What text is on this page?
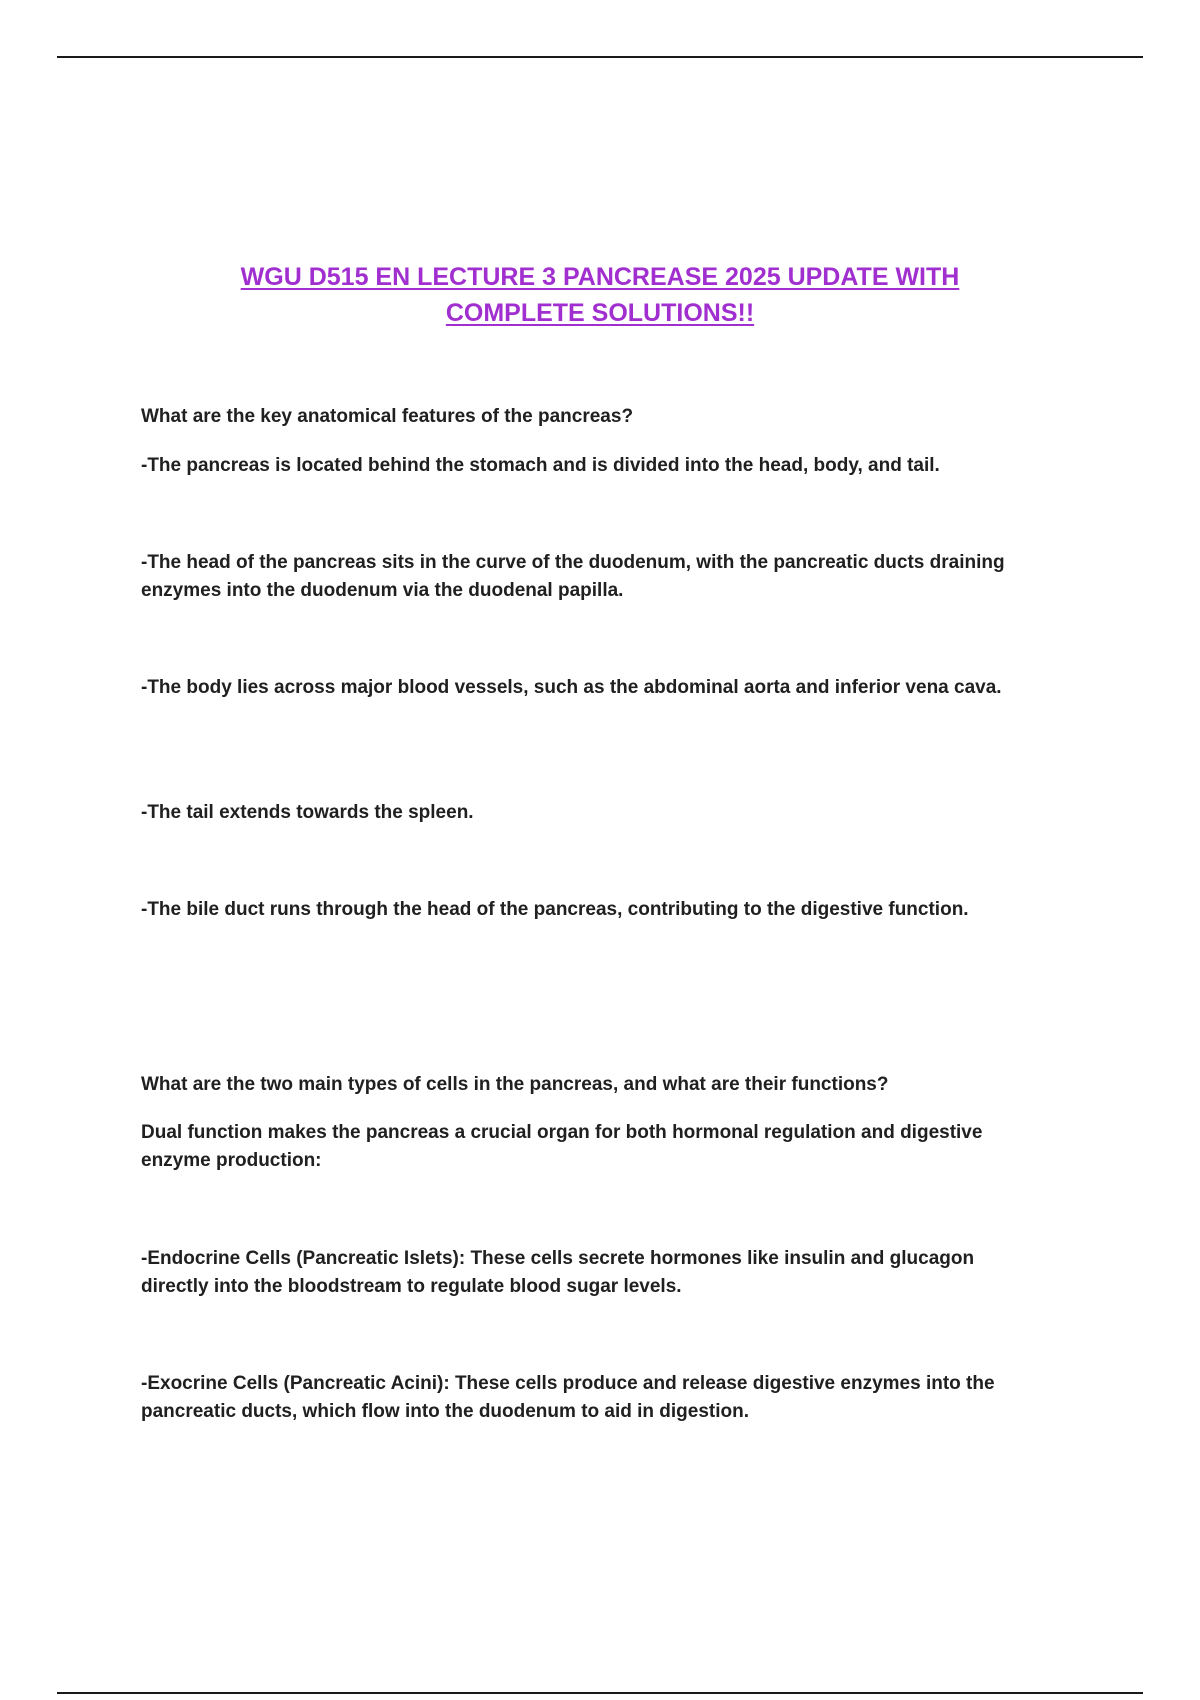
WGU D515 EN LECTURE 3 PANCREASE 2025 UPDATE WITH
COMPLETE SOLUTIONS!!

What are the key anatomical features of the pancreas?

-The pancreas is located behind the stomach and is divided into the head, body, and tail.

-The head of the pancreas sits in the curve of the duodenum, with the pancreatic ducts draining enzymes into the duodenum via the duodenal papilla.

-The body lies across major blood vessels, such as the abdominal aorta and inferior vena cava.

-The tail extends towards the spleen.

-The bile duct runs through the head of the pancreas, contributing to the digestive function.

What are the two main types of cells in the pancreas, and what are their functions?

Dual function makes the pancreas a crucial organ for both hormonal regulation and digestive enzyme production:

-Endocrine Cells (Pancreatic Islets): These cells secrete hormones like insulin and glucagon directly into the bloodstream to regulate blood sugar levels.

-Exocrine Cells (Pancreatic Acini): These cells produce and release digestive enzymes into the pancreatic ducts, which flow into the duodenum to aid in digestion.
